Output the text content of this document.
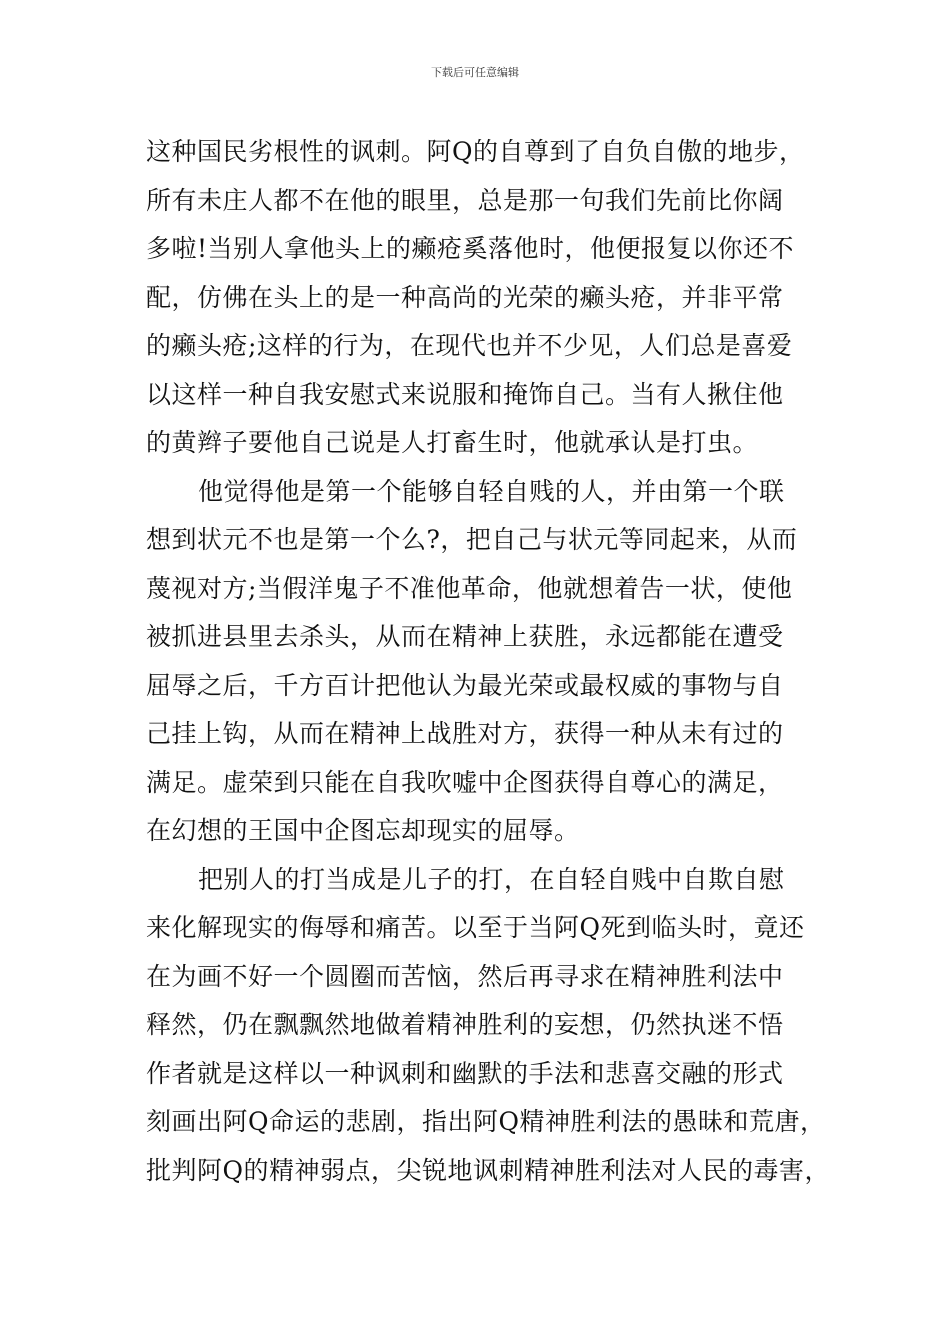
下载后可任意编辑
这种国民劣根性的讽刺。阿Q的自尊到了自负自傲的地步，
所有未庄人都不在他的眼里，总是那一句我们先前比你阔
多啦!当别人拿他头上的癞疮奚落他时，他便报复以你还不
配，仿佛在头上的是一种高尚的光荣的癞头疮，并非平常
的癞头疮;这样的行为，在现代也并不少见，人们总是喜爱
以这样一种自我安慰式来说服和掩饰自己。当有人揪住他
的黄辫子要他自己说是人打畜生时，他就承认是打虫。
他觉得他是第一个能够自轻自贱的人，并由第一个联
想到状元不也是第一个么?，把自己与状元等同起来，从而
蔑视对方;当假洋鬼子不准他革命，他就想着告一状，使他
被抓进县里去杀头，从而在精神上获胜，永远都能在遭受
屈辱之后，千方百计把他认为最光荣或最权威的事物与自
己挂上钩，从而在精神上战胜对方，获得一种从未有过的
满足。虚荣到只能在自我吹嘘中企图获得自尊心的满足，
在幻想的王国中企图忘却现实的屈辱。
把别人的打当成是儿子的打，在自轻自贱中自欺自慰
来化解现实的侮辱和痛苦。以至于当阿Q死到临头时，竟还
在为画不好一个圆圈而苦恼，然后再寻求在精神胜利法中
释然，仍在飘飘然地做着精神胜利的妄想，仍然执迷不悟
作者就是这样以一种讽刺和幽默的手法和悲喜交融的形式
刻画出阿Q命运的悲剧，指出阿Q精神胜利法的愚昧和荒唐，
批判阿Q的精神弱点，尖锐地讽刺精神胜利法对人民的毒害，
